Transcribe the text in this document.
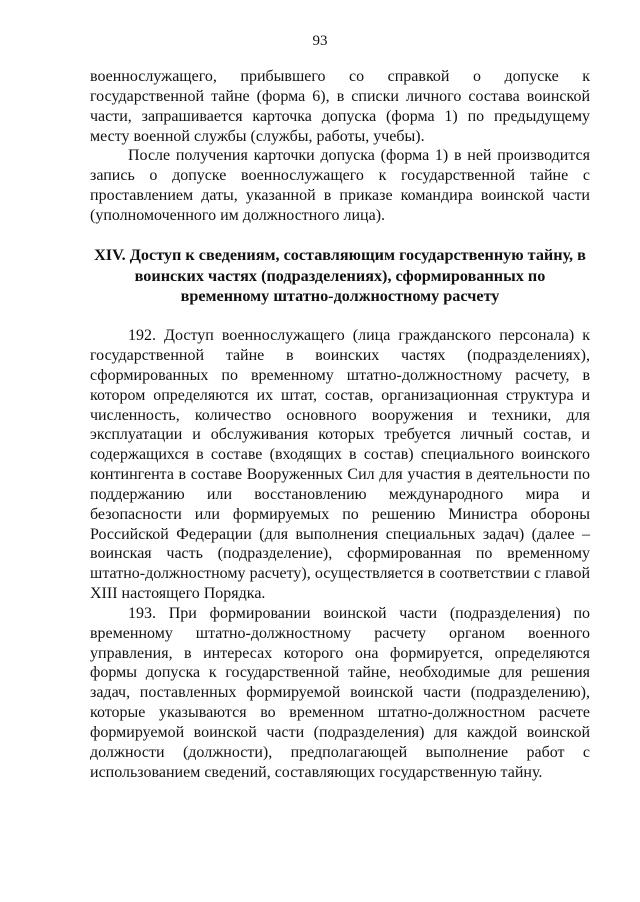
93

военнослужащего, прибывшего со справкой о допуске к государственной тайне (форма 6), в списки личного состава воинской части, запрашивается карточка допуска (форма 1) по предыдущему месту военной службы (службы, работы, учебы).

После получения карточки допуска (форма 1) в ней производится запись о допуске военнослужащего к государственной тайне с проставлением даты, указанной в приказе командира воинской части (уполномоченного им должностного лица).

XIV. Доступ к сведениям, составляющим государственную тайну, в воинских частях (подразделениях), сформированных по временному штатно-должностному расчету

192. Доступ военнослужащего (лица гражданского персонала) к государственной тайне в воинских частях (подразделениях), сформированных по временному штатно-должностному расчету, в котором определяются их штат, состав, организационная структура и численность, количество основного вооружения и техники, для эксплуатации и обслуживания которых требуется личный состав, и содержащихся в составе (входящих в состав) специального воинского контингента в составе Вооруженных Сил для участия в деятельности по поддержанию или восстановлению международного мира и безопасности или формируемых по решению Министра обороны Российской Федерации (для выполнения специальных задач) (далее – воинская часть (подразделение), сформированная по временному штатно-должностному расчету), осуществляется в соответствии с главой XIII настоящего Порядка.

193. При формировании воинской части (подразделения) по временному штатно-должностному расчету органом военного управления, в интересах которого она формируется, определяются формы допуска к государственной тайне, необходимые для решения задач, поставленных формируемой воинской части (подразделению), которые указываются во временном штатно-должностном расчете формируемой воинской части (подразделения) для каждой воинской должности (должности), предполагающей выполнение работ с использованием сведений, составляющих государственную тайну.
